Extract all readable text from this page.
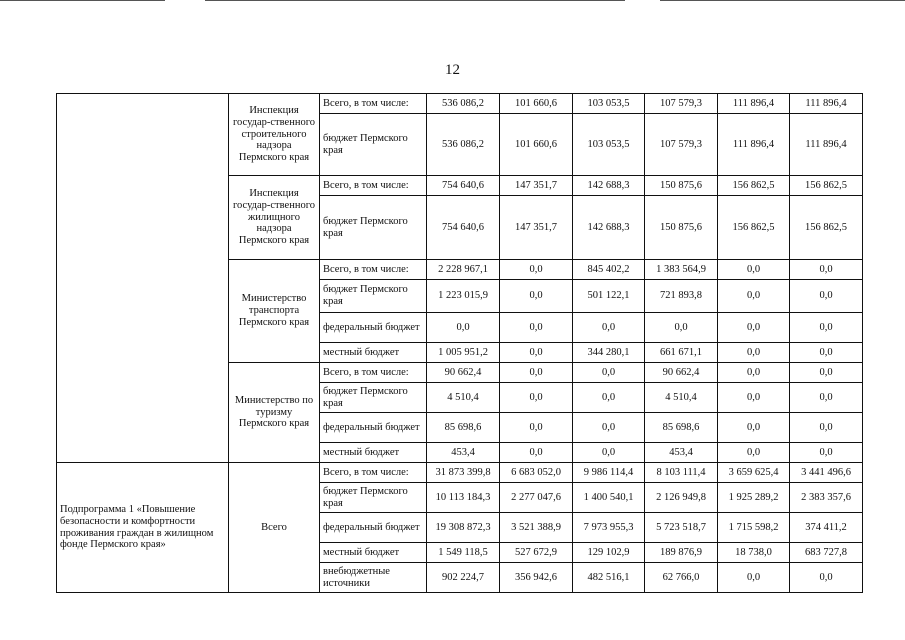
12
	Инспекция государ-ственного строительного надзора Пермского края	Всего, в том числе:	536 086,2	101 660,6	103 053,5	107 579,3	111 896,4	111 896,4
		бюджет Пермского края	536 086,2	101 660,6	103 053,5	107 579,3	111 896,4	111 896,4
	Инспекция государ-ственного жилищного надзора Пермского края	Всего, в том числе:	754 640,6	147 351,7	142 688,3	150 875,6	156 862,5	156 862,5
		бюджет Пермского края	754 640,6	147 351,7	142 688,3	150 875,6	156 862,5	156 862,5
	Министерство транспорта Пермского края	Всего, в том числе:	2 228 967,1	0,0	845 402,2	1 383 564,9	0,0	0,0
		бюджет Пермского края	1 223 015,9	0,0	501 122,1	721 893,8	0,0	0,0
		федеральный бюджет	0,0	0,0	0,0	0,0	0,0	0,0
		местный бюджет	1 005 951,2	0,0	344 280,1	661 671,1	0,0	0,0
	Министерство по туризму Пермского края	Всего, в том числе:	90 662,4	0,0	0,0	90 662,4	0,0	0,0
		бюджет Пермского края	4 510,4	0,0	0,0	4 510,4	0,0	0,0
		федеральный бюджет	85 698,6	0,0	0,0	85 698,6	0,0	0,0
		местный бюджет	453,4	0,0	0,0	453,4	0,0	0,0
Подпрограмма 1 «Повышение безопасности и комфортности проживания граждан в жилищном фонде Пермского края»	Всего	Всего, в том числе:	31 873 399,8	6 683 052,0	9 986 114,4	8 103 111,4	3 659 625,4	3 441 496,6
		бюджет Пермского края	10 113 184,3	2 277 047,6	1 400 540,1	2 126 949,8	1 925 289,2	2 383 357,6
		федеральный бюджет	19 308 872,3	3 521 388,9	7 973 955,3	5 723 518,7	1 715 598,2	374 411,2
		местный бюджет	1 549 118,5	527 672,9	129 102,9	189 876,9	18 738,0	683 727,8
		внебюджетные источники	902 224,7	356 942,6	482 516,1	62 766,0	0,0	0,0
